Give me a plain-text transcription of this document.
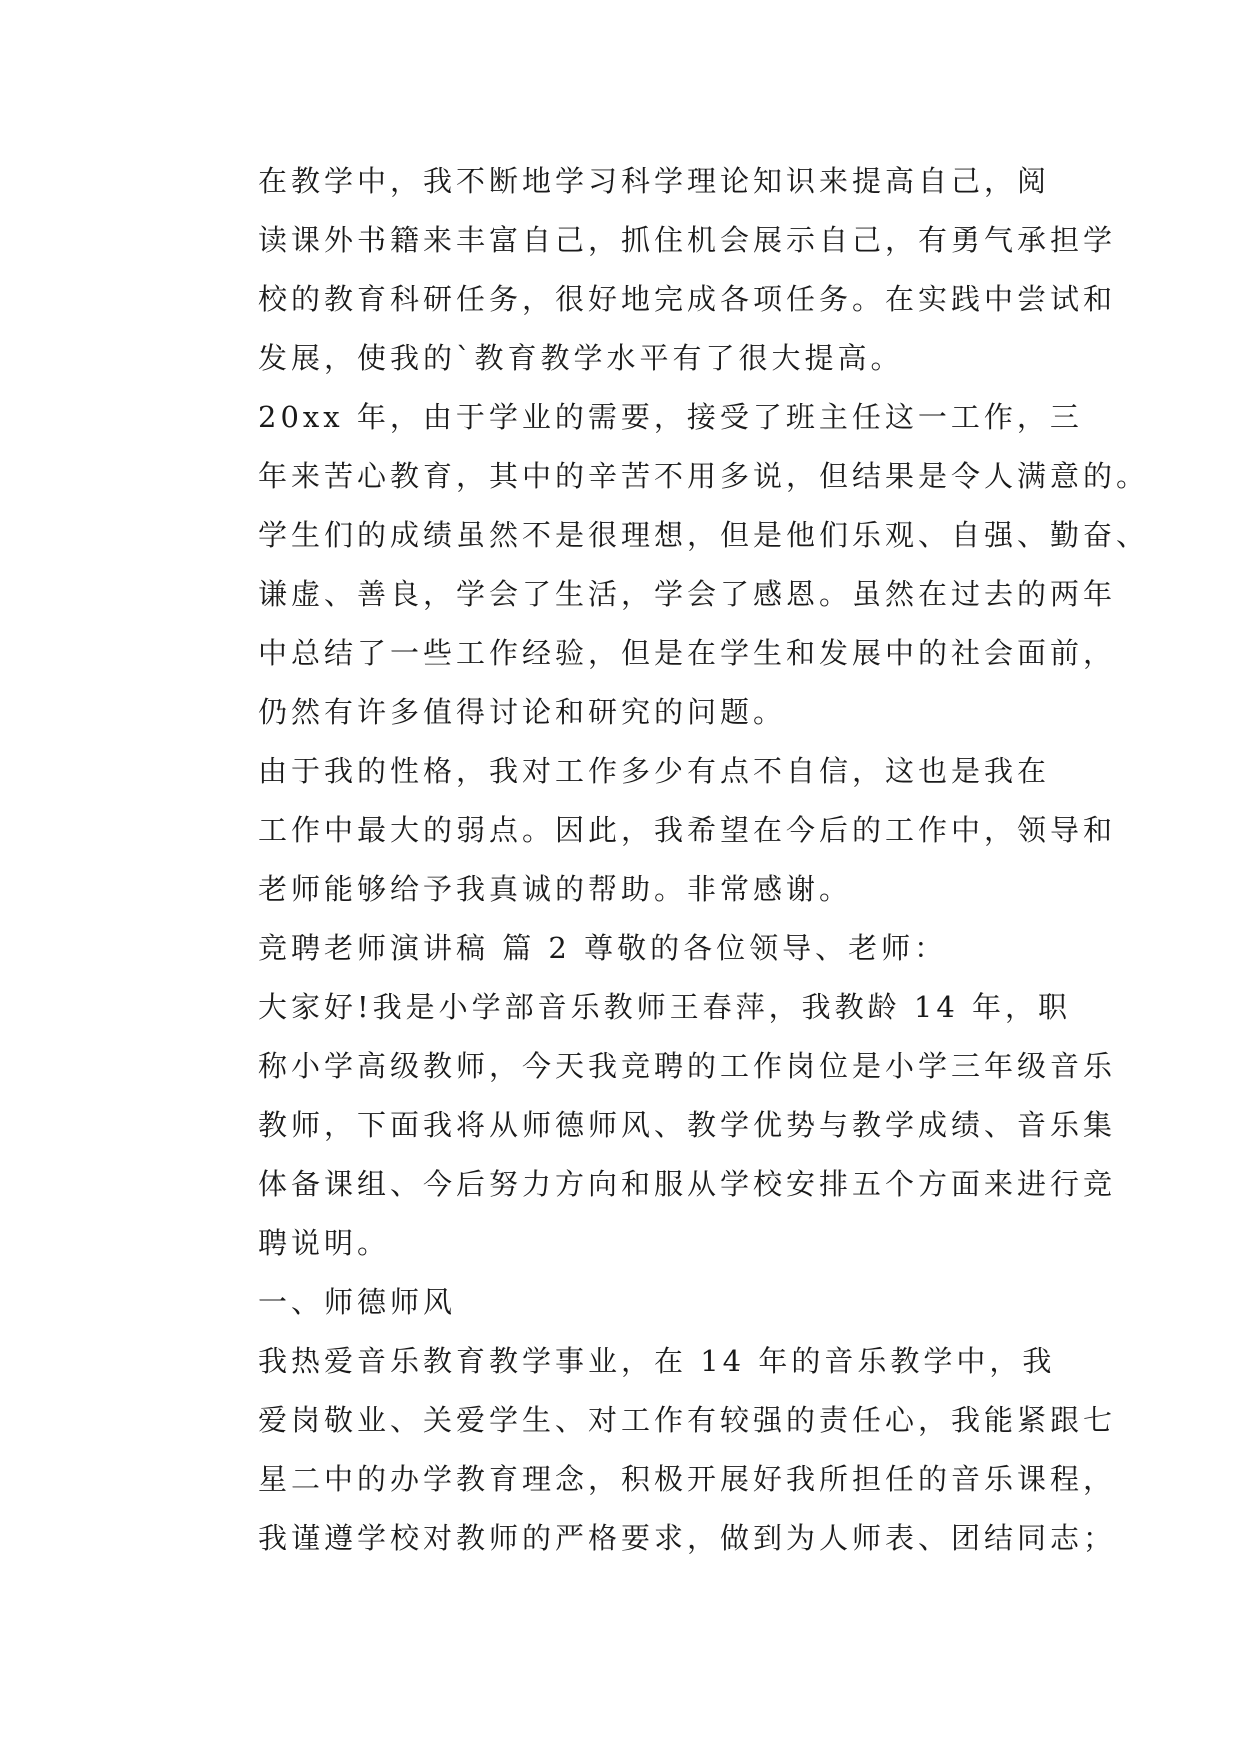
在教学中，我不断地学习科学理论知识来提高自己，阅
读课外书籍来丰富自己，抓住机会展示自己，有勇气承担学
校的教育科研任务，很好地完成各项任务。在实践中尝试和
发展，使我的`教育教学水平有了很大提高。

20xx 年，由于学业的需要，接受了班主任这一工作，三
年来苦心教育，其中的辛苦不用多说，但结果是令人满意的。
学生们的成绩虽然不是很理想，但是他们乐观、自强、勤奋、
谦虚、善良，学会了生活，学会了感恩。虽然在过去的两年
中总结了一些工作经验，但是在学生和发展中的社会面前，
仍然有许多值得讨论和研究的问题。

由于我的性格，我对工作多少有点不自信，这也是我在
工作中最大的弱点。因此，我希望在今后的工作中，领导和
老师能够给予我真诚的帮助。非常感谢。

竞聘老师演讲稿 篇 2 尊敬的各位领导、老师：

大家好!我是小学部音乐教师王春萍，我教龄 14 年，职
称小学高级教师，今天我竞聘的工作岗位是小学三年级音乐
教师，下面我将从师德师风、教学优势与教学成绩、音乐集
体备课组、今后努力方向和服从学校安排五个方面来进行竞
聘说明。

一、师德师风

我热爱音乐教育教学事业，在 14 年的音乐教学中，我
爱岗敬业、关爱学生、对工作有较强的责任心，我能紧跟七
星二中的办学教育理念，积极开展好我所担任的音乐课程，
我谨遵学校对教师的严格要求，做到为人师表、团结同志；
